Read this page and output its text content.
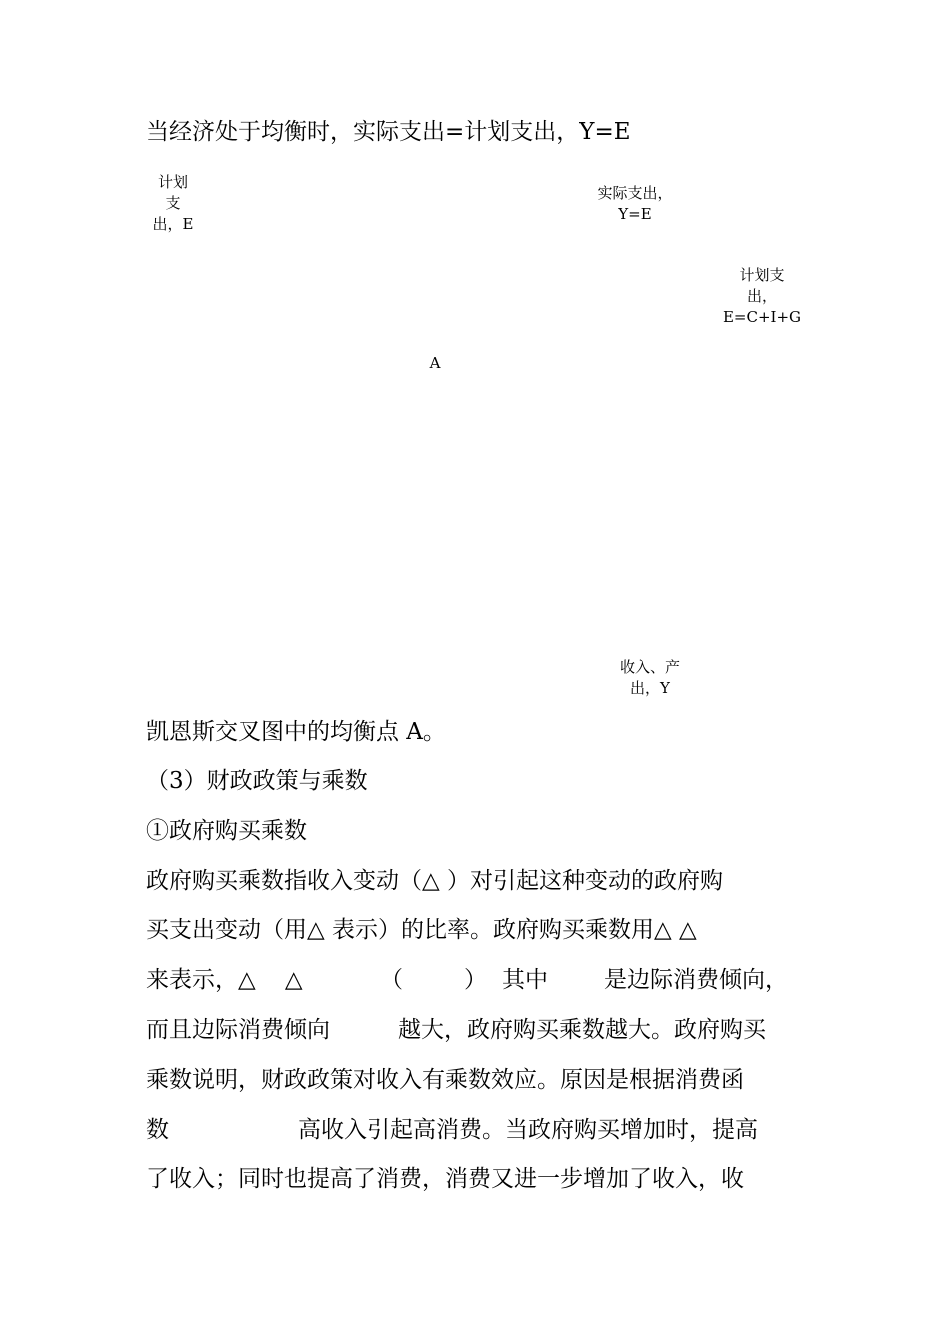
当经济处于均衡时，实际支出=计划支出，Y=E
计划
支
出，E
实际支出，
Y=E
计划支
出，
E=C+I+G
A
收入、产
出，Y
凯恩斯交叉图中的均衡点 A。
（3）财政政策与乘数
①政府购买乘数
政府购买乘数指收入变动（△ ）对引起这种变动的政府购
买支出变动（用△ 表示）的比率。政府购买乘数用△ △
来表示，△    △	（	） 其中 是边际消费倾向，
而且边际消费倾向	越大，政府购买乘数越大。政府购买
乘数说明，财政政策对收入有乘数效应。原因是根据消费函
数	高收入引起高消费。当政府购买增加时，提高
了收入；同时也提高了消费，消费又进一步增加了收入，收
